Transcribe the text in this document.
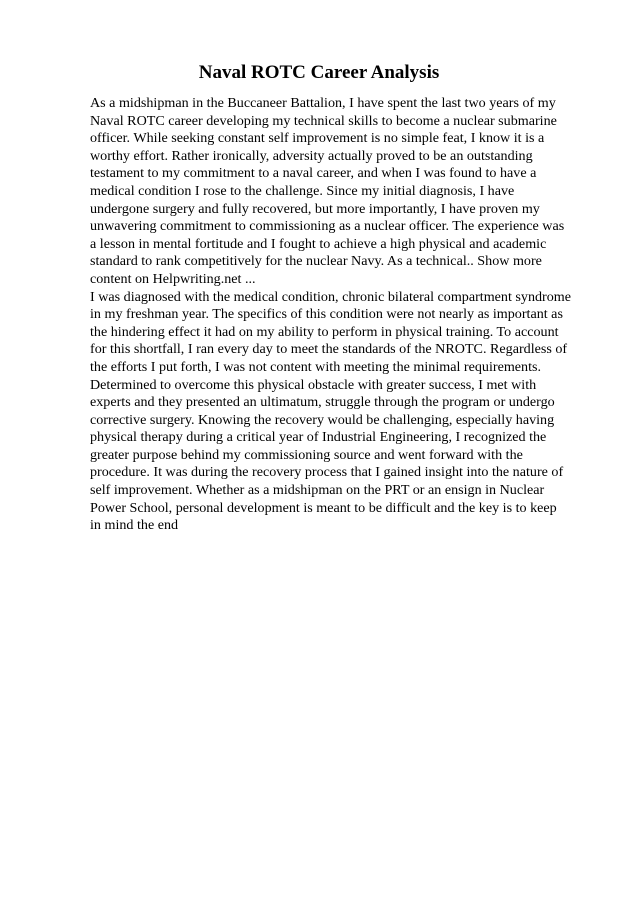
Naval ROTC Career Analysis
As a midshipman in the Buccaneer Battalion, I have spent the last two years of my
Naval ROTC career developing my technical skills to become a nuclear submarine
officer. While seeking constant self improvement is no simple feat, I know it is a
worthy effort. Rather ironically, adversity actually proved to be an outstanding
testament to my commitment to a naval career, and when I was found to have a
medical condition I rose to the challenge. Since my initial diagnosis, I have
undergone surgery and fully recovered, but more importantly, I have proven my
unwavering commitment to commissioning as a nuclear officer. The experience was
a lesson in mental fortitude and I fought to achieve a high physical and academic
standard to rank competitively for the nuclear Navy. As a technical.. Show more
content on Helpwriting.net ...
I was diagnosed with the medical condition, chronic bilateral compartment syndrome
in my freshman year. The specifics of this condition were not nearly as important as
the hindering effect it had on my ability to perform in physical training. To account
for this shortfall, I ran every day to meet the standards of the NROTC. Regardless of
the efforts I put forth, I was not content with meeting the minimal requirements.
Determined to overcome this physical obstacle with greater success, I met with
experts and they presented an ultimatum, struggle through the program or undergo
corrective surgery. Knowing the recovery would be challenging, especially having
physical therapy during a critical year of Industrial Engineering, I recognized the
greater purpose behind my commissioning source and went forward with the
procedure. It was during the recovery process that I gained insight into the nature of
self improvement. Whether as a midshipman on the PRT or an ensign in Nuclear
Power School, personal development is meant to be difficult and the key is to keep
in mind the end
